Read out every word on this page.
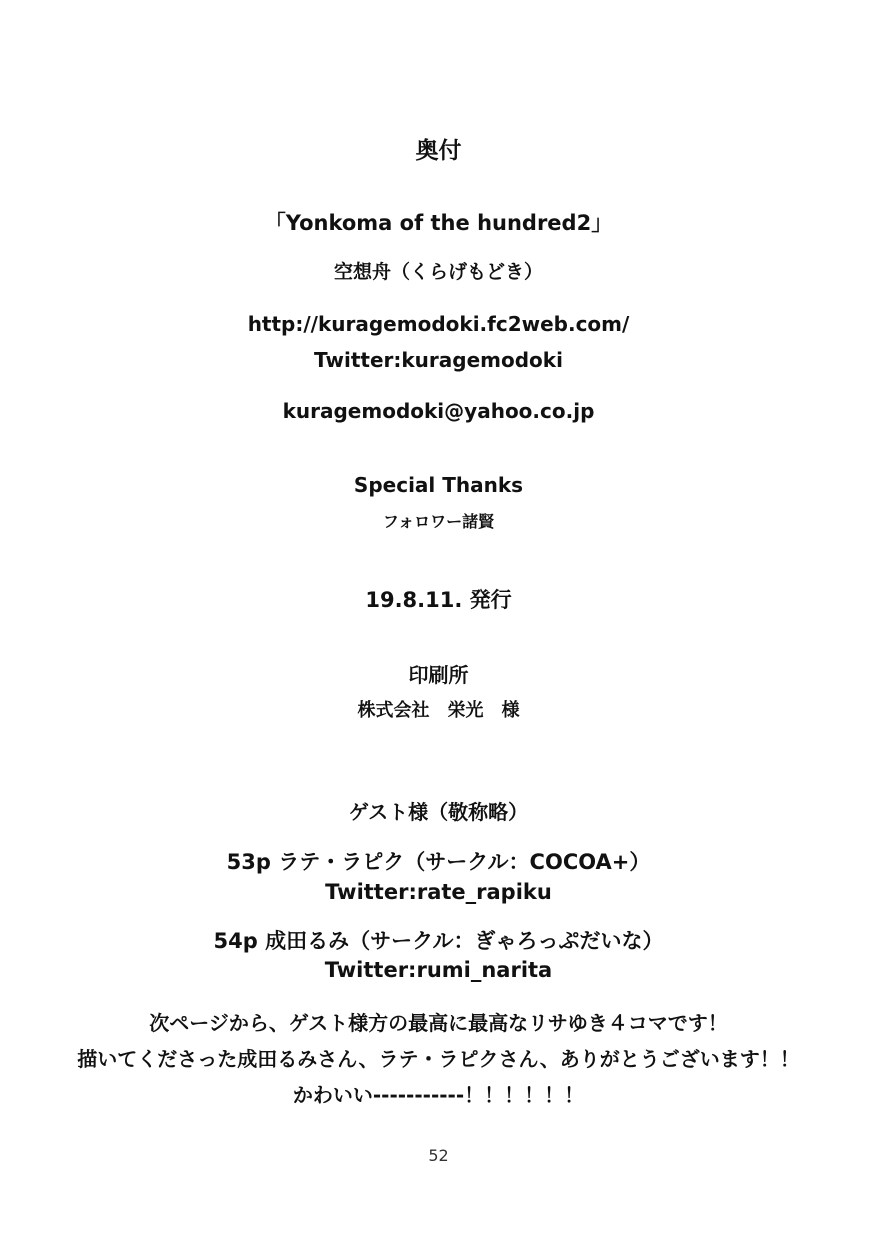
奥付
「Yonkoma of the hundred2」
空想舟（くらげもどき）
http://kuragemodoki.fc2web.com/
Twitter:kuragemodoki
kuragemodoki@yahoo.co.jp
Special Thanks
フォロワー諸賢
19.8.11. 発行
印刷所
株式会社　栄光　様
ゲスト様（敬称略）
53p ラテ・ラピク（サークル：COCOA+）
Twitter:rate_rapiku
54p 成田るみ（サークル：ぎゃろっぷだいな）
Twitter:rumi_narita
次ページから、ゲスト様方の最高に最高なリサゆき４コマです！
描いてくださった成田るみさん、ラテ・ラピクさん、ありがとうございます！！
かわいい-----------！！！！！！
52
